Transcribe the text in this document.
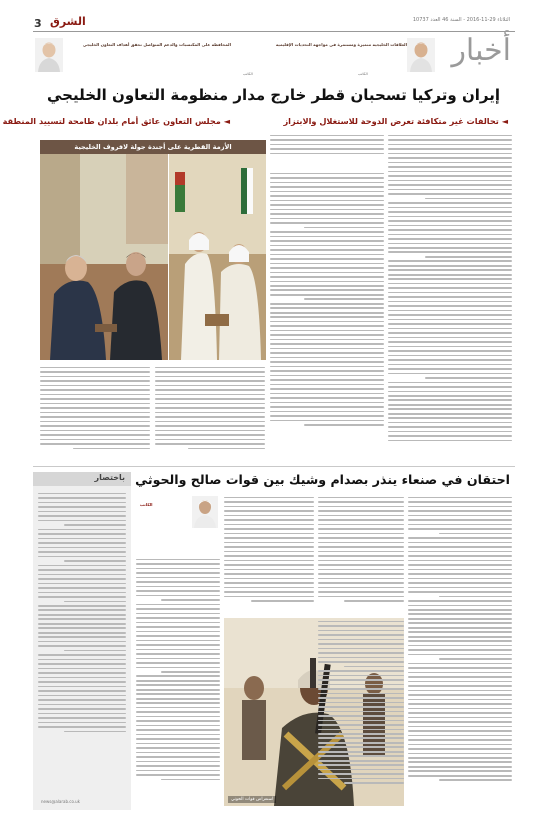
3 الشرق	الثلاثاء 29-11-2016 - السنة 46 العدد 10737
المحافظة على المكتسبات والدعم المتواصل تحقق أهداف التعاون الخليجي
الكاتب
العلاقات الخليجية متميزة ومستمرة في مواجهة التحديات الإقليمية
الكاتب
أخبار
إيران وتركيا تسحبان قطر خارج مدار منظومة التعاون الخليجي
◄ مجلس التعاون عائق أمام بلدان طامحة لتسييد المنطقة	◄ تحالفات غير متكافئة تعرض الدوحة للاستغلال والابتزاز
الأزمة القطرية على أجندة جولة لافروف الخليجية
احتقان في صنعاء ينذر بصدام وشيك بين قوات صالح والحوثي
باختصار
news@alarab.co.uk
الكاتب
استعراض قوات الحوثي
